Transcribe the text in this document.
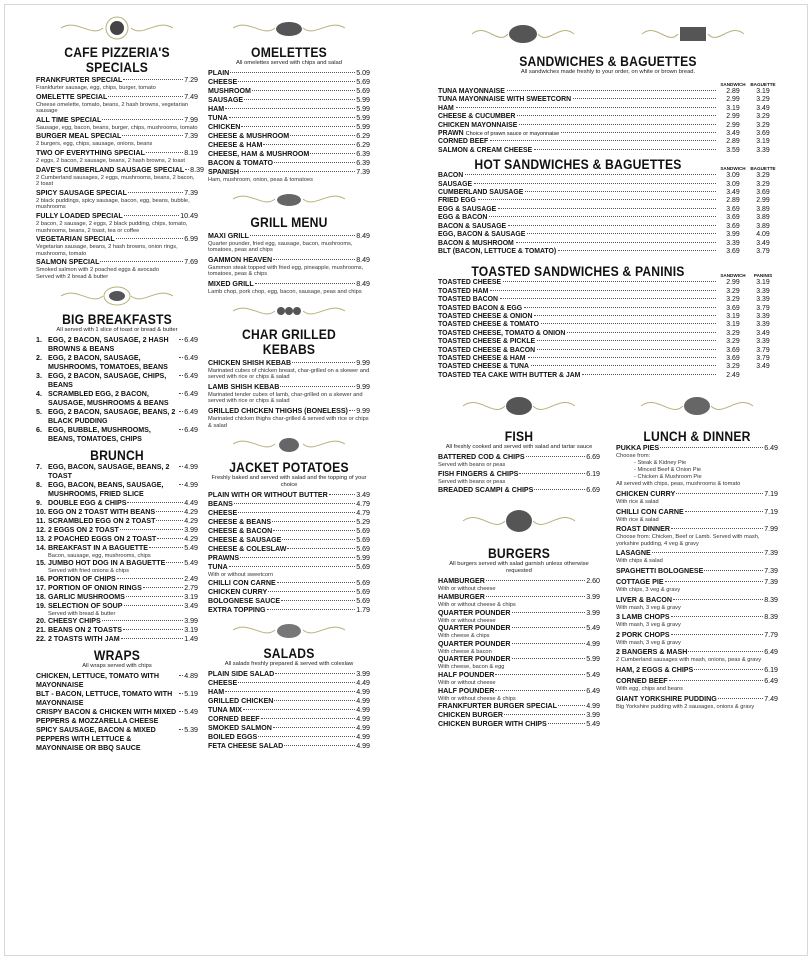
CAFE PIZZERIA'S SPECIALS
FRANKFURTER SPECIAL	7.29
Frankfurter sausage, egg, chips, burger, tomato
OMELETTE SPECIAL	7.49
Cheese omelette, tomato, beans, 2 hash browns, vegetarian sausage
ALL TIME SPECIAL	7.99
Sausage, egg, bacon, beans, burger, chips, mushrooms, tomato
BURGER MEAL SPECIAL	7.39
2 burgers, egg, chips, sausage, onions, beans
TWO OF EVERYTHING SPECIAL	8.19
2 eggs, 2 bacon, 2 sausage, beans, 2 hash browns, 2 toast
DAVE'S CUMBERLAND SAUSAGE SPECIAL 8.39
2 Cumberland sausages, 2 eggs, mushrooms, beans, 2 bacon, 2 toast
SPICY SAUSAGE SPECIAL	7.39
2 black puddings, spicy sausage, bacon, egg, beans, bubble, mushrooms
FULLY LOADED SPECIAL	10.49
2 bacon, 2 sausage, 2 eggs, 2 black pudding, chips, tomato, mushrooms, beans, 2 toast, tea or coffee
VEGETARIAN SPECIAL	6.99
Vegetarian sausage, beans, 2 hash browns, onion rings, mushrooms, tomato
SALMON SPECIAL	7.69
Smoked salmon with 2 poached eggs & avocado
Served with 2 bread & butter
BIG BREAKFASTS
All served with 1 slice of toast or bread & butter
1. EGG, 2 BACON, SAUSAGE, 2 HASH BROWNS & BEANS
6.49
2. EGG, 2 BACON, SAUSAGE, MUSHROOMS, TOMATOES, BEANS
6.49
3. EGG, 2 BACON, SAUSAGE, CHIPS, BEANS
6.49
4. SCRAMBLED EGG, 2 BACON, SAUSAGE, MUSHROOMS & BEANS
6.49
5. EGG, 2 BACON, SAUSAGE, BEANS, 2 BLACK PUDDING
6.49
6. EGG, BUBBLE, MUSHROOMS, BEANS, TOMATOES, CHIPS
6.49
BRUNCH
7. EGG, BACON, SAUSAGE, BEANS, 2 TOAST
4.99
8. EGG, BACON, BEANS, SAUSAGE, MUSHROOMS, FRIED SLICE
4.99
9. DOUBLE EGG & CHIPS	4.49
10. EGG ON 2 TOAST WITH BEANS	4.29
11. SCRAMBLED EGG ON 2 TOAST	4.29
12. 2 EGGS ON 2 TOAST	3.99
13. 2 POACHED EGGS ON 2 TOAST	4.29
14. BREAKFAST IN A BAGUETTE	5.49
Bacon, sausage, egg, mushrooms, chips
15. JUMBO HOT DOG IN A BAGUETTE	5.49
Served with fried onions & chips
16. PORTION OF CHIPS	2.49
17. PORTION OF ONION RINGS	2.79
18. GARLIC MUSHROOMS	3.19
19. SELECTION OF SOUP	3.49
Served with bread & butter
20. CHEESY CHIPS	3.99
21. BEANS ON 2 TOASTS	3.19
22. 2 TOASTS WITH JAM	1.49
WRAPS
All wraps served with chips
CHICKEN, LETTUCE, TOMATO WITH MAYONNAISE
4.89
BLT - BACON, LETTUCE, TOMATO WITH MAYONNAISE
5.19
CRISPY BACON & CHICKEN WITH MIXED PEPPERS & MOZZARELLA CHEESE
5.49
SPICY SAUSAGE, BACON & MIXED PEPPERS WITH LETTUCE & MAYONNAISE OR BBQ SAUCE
5.39
OMELETTES
All omelettes served with chips and salad
PLAIN	5.09
CHEESE	5.69
MUSHROOM	5.69
SAUSAGE	5.99
HAM	5.99
TUNA	5.99
CHICKEN	5.99
CHEESE & MUSHROOM	6.29
CHEESE & HAM	6.29
CHEESE, HAM & MUSHROOM	6.39
BACON & TOMATO	6.39
SPANISH	7.39
Ham, mushroom, onion, peas & tomatoes
GRILL MENU
MAXI GRILL	8.49
Quarter pounder, fried egg, sausage, bacon, mushrooms, tomatoes, peas and chips
GAMMON HEAVEN	8.49
Gammon steak topped with fried egg, pineapple, mushrooms, tomatoes, peas & chips
MIXED GRILL	8.49
Lamb chop, pork chop, egg, bacon, sausage, peas and chips
CHAR GRILLED KEBABS
CHICKEN SHISH KEBAB	9.99
Marinated cubes of chicken breast, char-grilled on a skewer and served with rice or chips & salad
LAMB SHISH KEBAB	9.99
Marinated tender cubes of lamb, char-grilled on a skewer and served with rice or chips & salad
GRILLED CHICKEN THIGHS (BONELESS) 9.99
Marinated chicken thighs char-grilled & served with rice or chips & salad
JACKET POTATOES
Freshly baked and served with salad and the topping of your choice
PLAIN WITH OR WITHOUT BUTTER	3.49
BEANS	4.79
CHEESE	4.79
CHEESE & BEANS	5.29
CHEESE & BACON	5.69
CHEESE & SAUSAGE	5.69
CHEESE & COLESLAW	5.69
PRAWNS	5.99
TUNA	5.69
With or without sweetcorn
CHILLI CON CARNE	5.69
CHICKEN CURRY	5.69
BOLOGNESE SAUCE	5.69
EXTRA TOPPING	1.79
SALADS
All salads freshly prepared & served with coleslaw
PLAIN SIDE SALAD	3.99
CHEESE	4.49
HAM	4.99
GRILLED CHICKEN	4.99
TUNA MIX	4.99
CORNED BEEF	4.99
SMOKED SALMON	4.99
BOILED EGGS	4.99
FETA CHEESE SALAD	4.99
SANDWICHES & BAGUETTES
All sandwiches made freshly to your order, on white or brown bread.
SANDWICH	BAGUETTE
TUNA MAYONNAISE	2.89	3.19
TUNA MAYONNAISE WITH SWEETCORN	2.99	3.29
HAM	3.19	3.49
CHEESE & CUCUMBER	2.99	3.29
CHICKEN MAYONNAISE	2.99	3.29
PRAWN Choice of prawn sauce or mayonnaise	3.49	3.69
CORNED BEEF	2.89	3.19
SALMON & CREAM CHEESE	3.59	3.39
HOT SANDWICHES & BAGUETTES	SANDWICH	BAGUETTE
BACON	3.09	3.29
SAUSAGE	3.09	3.29
CUMBERLAND SAUSAGE	3.49	3.69
FRIED EGG	2.89	2.99
EGG & SAUSAGE	3.69	3.89
EGG & BACON	3.69	3.89
BACON & SAUSAGE	3.69	3.89
EGG, BACON & SAUSAGE	3.99	4.09
BACON & MUSHROOM	3.39	3.49
BLT (BACON, LETTUCE & TOMATO)	3.69	3.79
TOASTED SANDWICHES & PANINIS	SANDWICH	PANINIS
TOASTED CHEESE	2.99	3.19
TOASTED HAM	3.29	3.39
TOASTED BACON	3.29	3.39
TOASTED BACON & EGG	3.69	3.79
TOASTED CHEESE & ONION	3.19	3.39
TOASTED CHEESE & TOMATO	3.19	3.39
TOASTED CHEESE, TOMATO & ONION	3.29	3.49
TOASTED CHEESE & PICKLE	3.29	3.39
TOASTED CHEESE & BACON	3.69	3.79
TOASTED CHEESE & HAM	3.69	3.79
TOASTED CHEESE & TUNA	3.29	3.49
TOASTED TEA CAKE WITH BUTTER & JAM	2.49
FISH
All freshly cooked and served with salad and tartar sauce
BATTERED COD & CHIPS	6.69
Served with beans or peas
FISH FINGERS & CHIPS	6.19
Served with beans or peas
BREADED SCAMPI & CHIPS	6.69
BURGERS
All burgers served with salad garnish unless otherwise requested
HAMBURGER	2.60
With or without cheese
HAMBURGER	3.99
With or without cheese & chips
QUARTER POUNDER	3.99
With or without cheese
QUARTER POUNDER	5.49
With cheese & chips
QUARTER POUNDER	4.99
With cheese & bacon
QUARTER POUNDER	5.99
With cheese, bacon & egg
HALF POUNDER	5.49
With or without cheese
HALF POUNDER	6.49
With or without cheese & chips
FRANKFURTER BURGER SPECIAL	4.99
CHICKEN BURGER	3.99
CHICKEN BURGER WITH CHIPS	5.49
LUNCH & DINNER
PUKKA PIES	6.49
Choose from:
- Steak & Kidney Pie
- Minced Beef & Onion Pie
- Chicken & Mushroom Pie
All served with chips, peas, mushrooms & tomato
CHICKEN CURRY	7.19
With rice & salad
CHILLI CON CARNE	7.19
With rice & salad
ROAST DINNER	7.99
Choose from: Chicken, Beef or Lamb. Served with mash, yorkshire pudding, 4 veg & gravy
LASAGNE	7.39
With chips & salad
SPAGHETTI BOLOGNESE	7.39
COTTAGE PIE	7.39
With chips, 3 veg & gravy
LIVER & BACON	8.39
With mash, 3 veg & gravy
3 LAMB CHOPS	8.39
With mash, 3 veg & gravy
2 PORK CHOPS	7.79
With mash, 3 veg & gravy
2 BANGERS & MASH	6.49
2 Cumberland sausages with mash, onions, peas & gravy
HAM, 2 EGGS & CHIPS	6.19
CORNED BEEF	6.49
With egg, chips and beans
GIANT YORKSHIRE PUDDING	7.49
Big Yorkshire pudding with 2 sausages, onions & gravy
